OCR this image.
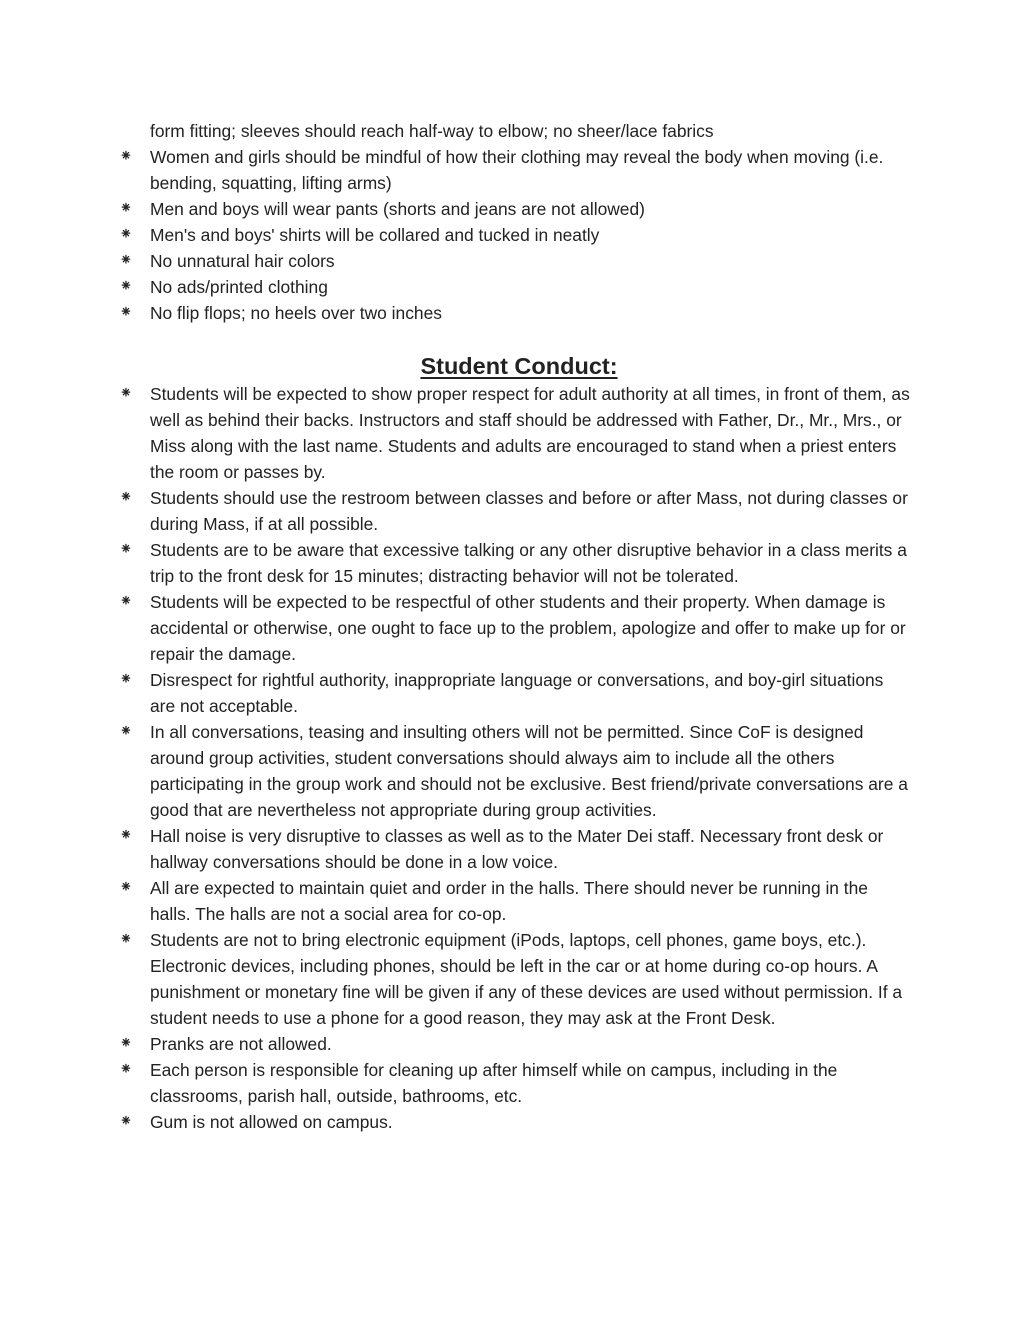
form fitting; sleeves should reach half-way to elbow; no sheer/lace fabrics

⁕ Women and girls should be mindful of how their clothing may reveal the body when moving (i.e. bending, squatting, lifting arms)
⁕ Men and boys will wear pants (shorts and jeans are not allowed)
⁕ Men's and boys' shirts will be collared and tucked in neatly
⁕ No unnatural hair colors
⁕ No ads/printed clothing
⁕ No flip flops; no heels over two inches
Student Conduct:
⁕ Students will be expected to show proper respect for adult authority at all times, in front of them, as well as behind their backs. Instructors and staff should be addressed with Father, Dr., Mr., Mrs., or Miss along with the last name. Students and adults are encouraged to stand when a priest enters the room or passes by.
⁕ Students should use the restroom between classes and before or after Mass, not during classes or during Mass, if at all possible.
⁕ Students are to be aware that excessive talking or any other disruptive behavior in a class merits a trip to the front desk for 15 minutes; distracting behavior will not be tolerated.
⁕ Students will be expected to be respectful of other students and their property. When damage is accidental or otherwise, one ought to face up to the problem, apologize and offer to make up for or repair the damage.
⁕ Disrespect for rightful authority, inappropriate language or conversations, and boy-girl situations are not acceptable.
⁕ In all conversations, teasing and insulting others will not be permitted. Since CoF is designed around group activities, student conversations should always aim to include all the others participating in the group work and should not be exclusive. Best friend/private conversations are a good that are nevertheless not appropriate during group activities.
⁕ Hall noise is very disruptive to classes as well as to the Mater Dei staff. Necessary front desk or hallway conversations should be done in a low voice.
⁕ All are expected to maintain quiet and order in the halls. There should never be running in the halls. The halls are not a social area for co-op.
⁕ Students are not to bring electronic equipment (iPods, laptops, cell phones, game boys, etc.). Electronic devices, including phones, should be left in the car or at home during co-op hours. A punishment or monetary fine will be given if any of these devices are used without permission. If a student needs to use a phone for a good reason, they may ask at the Front Desk.
⁕ Pranks are not allowed.
⁕ Each person is responsible for cleaning up after himself while on campus, including in the classrooms, parish hall, outside, bathrooms, etc.
⁕ Gum is not allowed on campus.
